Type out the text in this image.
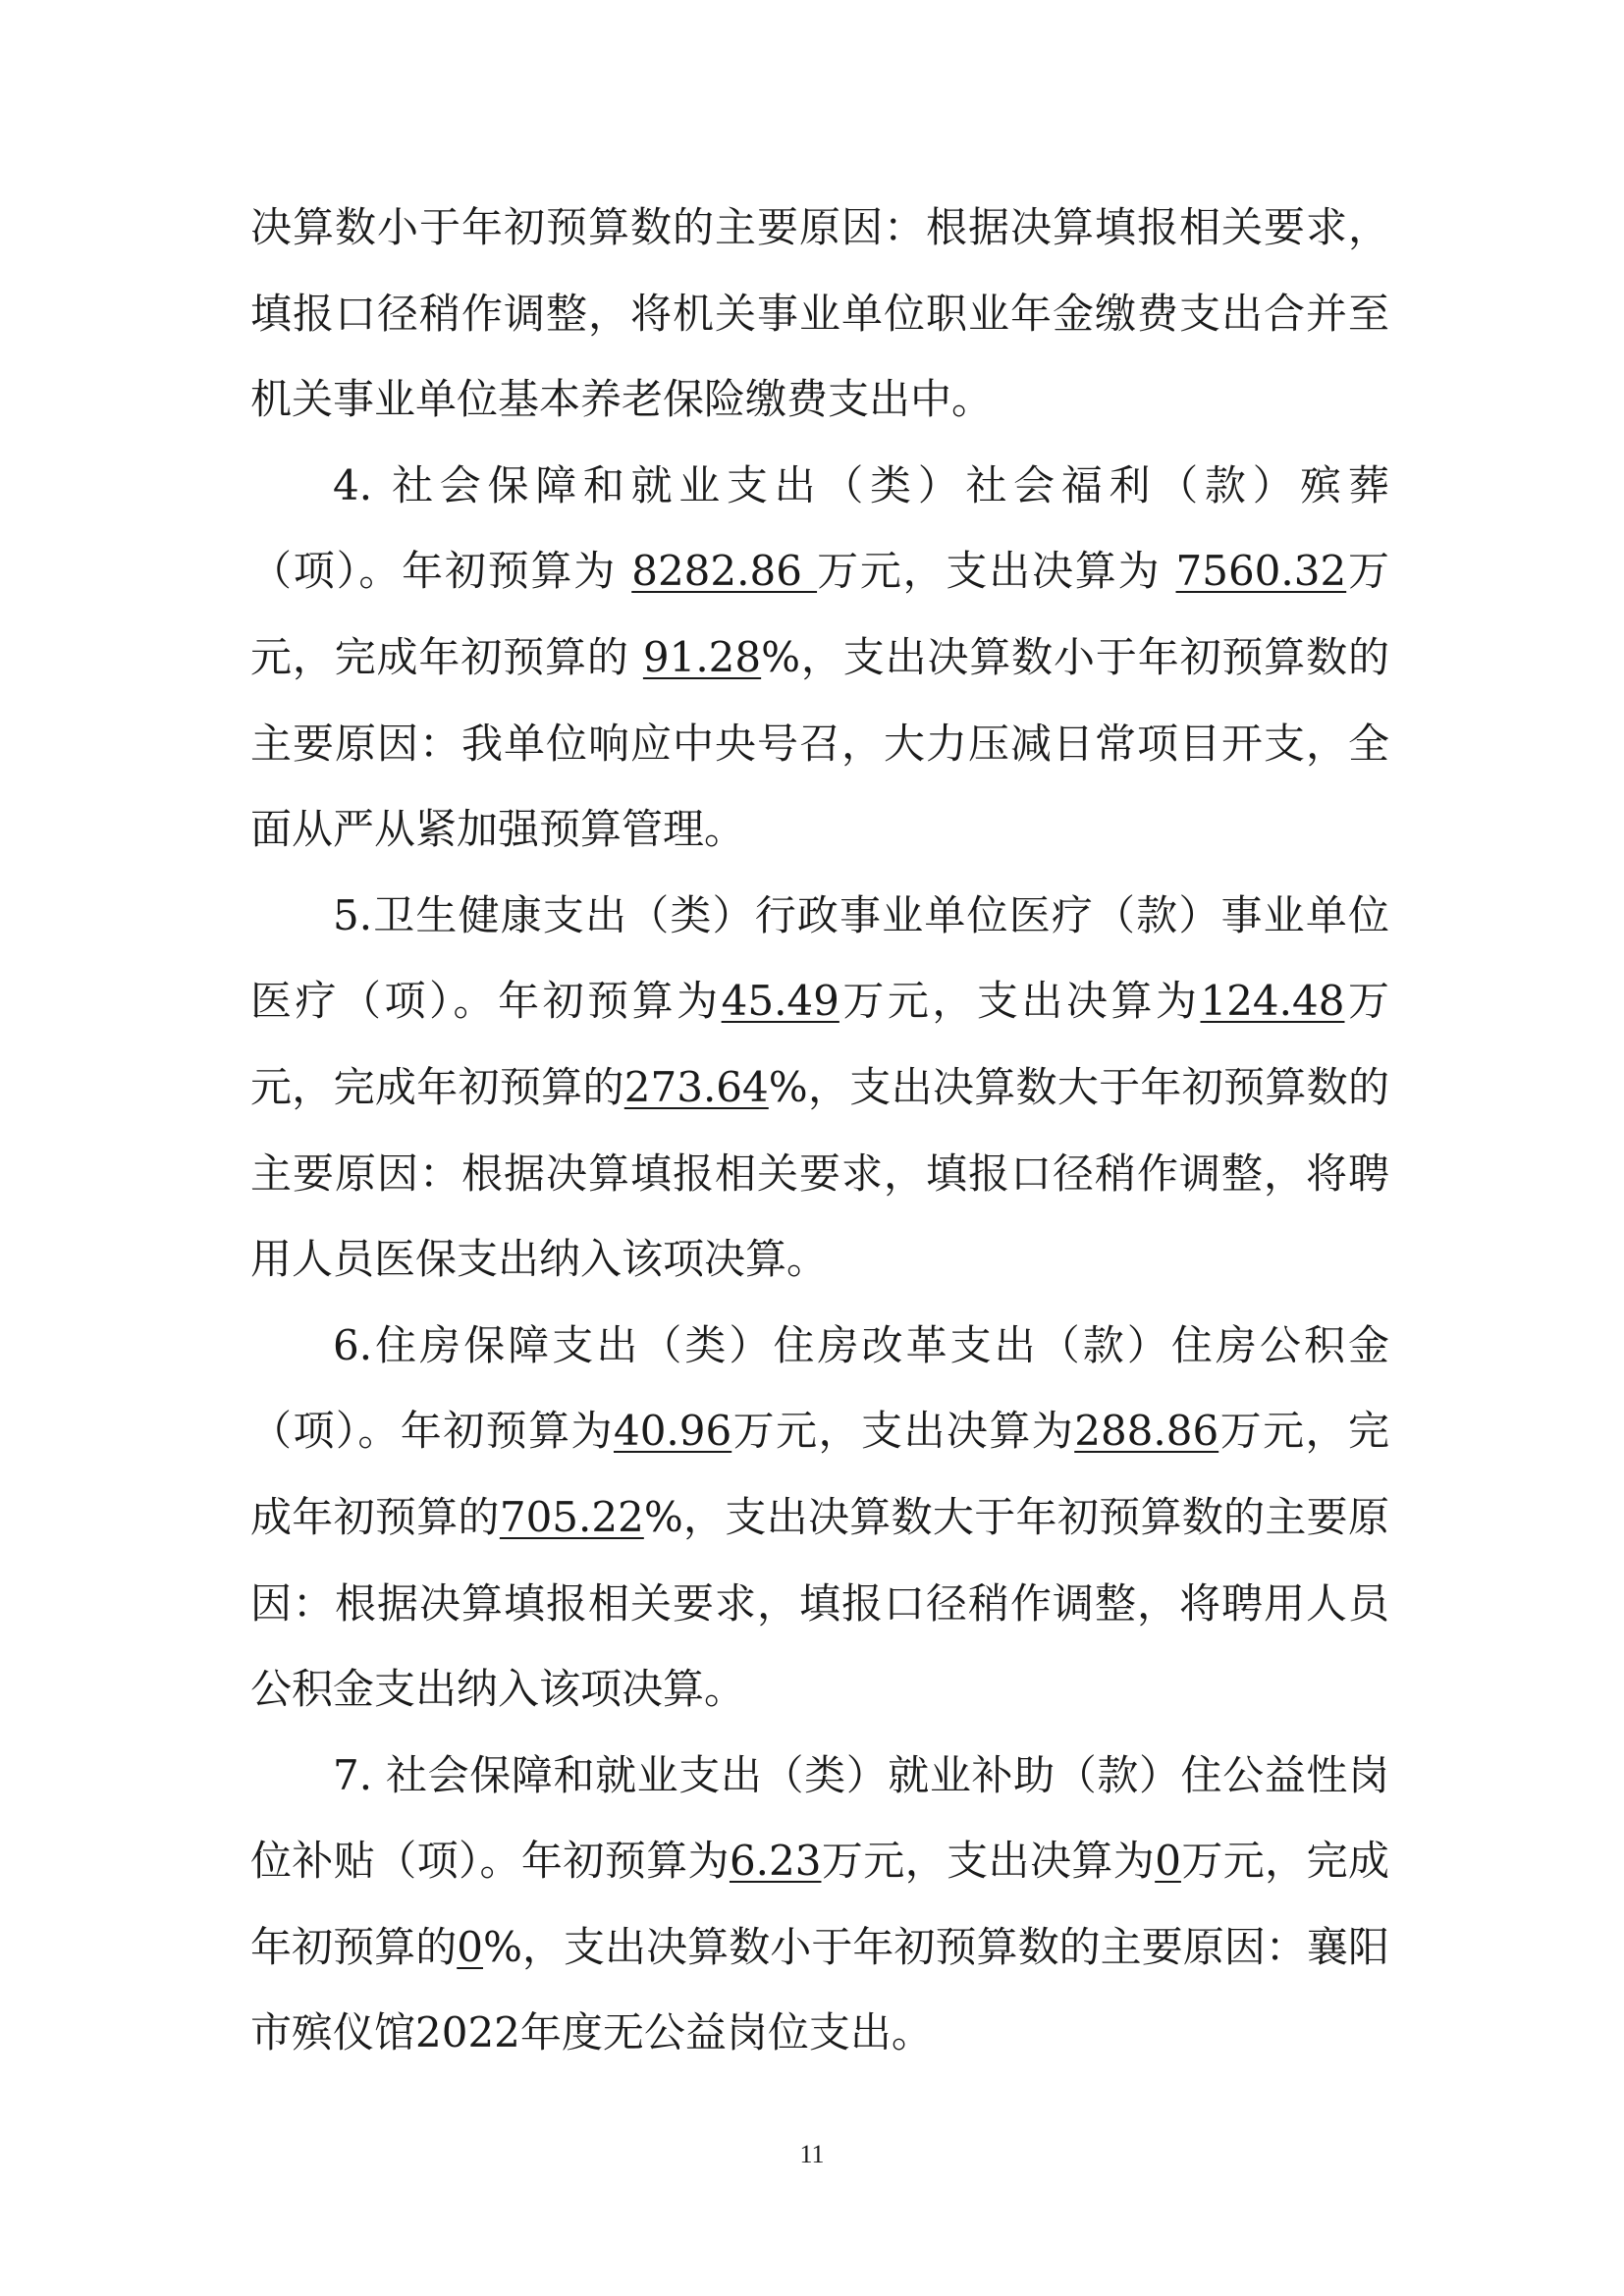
决算数小于年初预算数的主要原因：根据决算填报相关要求，填报口径稍作调整，将机关事业单位职业年金缴费支出合并至机关事业单位基本养老保险缴费支出中。

4. 社会保障和就业支出（类）社会福利（款）殡葬（项）。年初预算为 8282.86 万元，支出决算为 7560.32万元，完成年初预算的 91.28%，支出决算数小于年初预算数的主要原因：我单位响应中央号召，大力压减日常项目开支，全面从严从紧加强预算管理。

5.卫生健康支出（类）行政事业单位医疗（款）事业单位医疗（项）。年初预算为45.49万元，支出决算为124.48万元，完成年初预算的273.64%，支出决算数大于年初预算数的主要原因：根据决算填报相关要求，填报口径稍作调整，将聘用人员医保支出纳入该项决算。

6.住房保障支出（类）住房改革支出（款）住房公积金（项）。年初预算为40.96万元，支出决算为288.86万元，完成年初预算的705.22%，支出决算数大于年初预算数的主要原因：根据决算填报相关要求，填报口径稍作调整，将聘用人员公积金支出纳入该项决算。

7. 社会保障和就业支出（类）就业补助（款）住公益性岗位补贴（项）。年初预算为6.23万元，支出决算为0万元，完成年初预算的0%，支出决算数小于年初预算数的主要原因：襄阳市殡仪馆2022年度无公益岗位支出。

11
